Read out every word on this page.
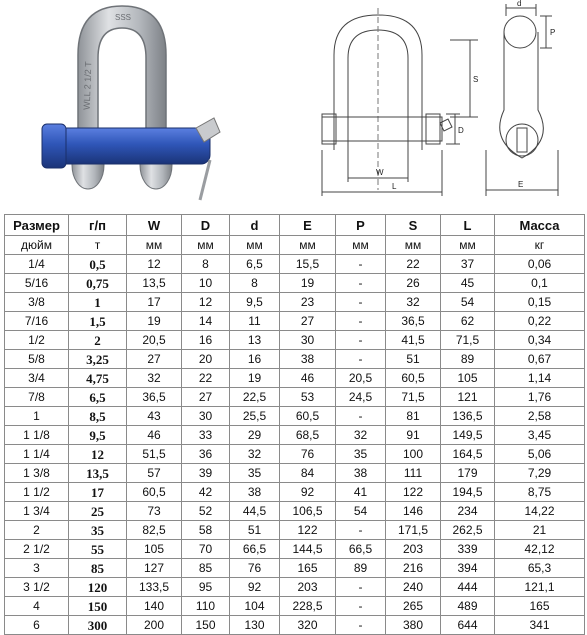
WLL 2 1/2 T
SSS
d
P
S
D
W
L	E
Размер	г/п	W	D	d	E	P	S	L	Масса
дюйм	т	мм	мм	мм	мм	мм	мм	мм	кг
1/4	0,5	12	8	6,5	15,5	-	22	37	0,06
5/16	0,75	13,5	10	8	19	-	26	45	0,1
3/8	1	17	12	9,5	23	-	32	54	0,15
7/16	1,5	19	14	11	27	-	36,5	62	0,22
1/2	2	20,5	16	13	30	-	41,5	71,5	0,34
5/8	3,25	27	20	16	38	-	51	89	0,67
3/4	4,75	32	22	19	46	20,5	60,5	105	1,14
7/8	6,5	36,5	27	22,5	53	24,5	71,5	121	1,76
1	8,5	43	30	25,5	60,5	-	81	136,5	2,58
1 1/8	9,5	46	33	29	68,5	32	91	149,5	3,45
1 1/4	12	51,5	36	32	76	35	100	164,5	5,06
1 3/8	13,5	57	39	35	84	38	111	179	7,29
1 1/2	17	60,5	42	38	92	41	122	194,5	8,75
1 3/4	25	73	52	44,5	106,5	54	146	234	14,22
2	35	82,5	58	51	122	-	171,5	262,5	21
2 1/2	55	105	70	66,5	144,5	66,5	203	339	42,12
3	85	127	85	76	165	89	216	394	65,3
3 1/2	120	133,5	95	92	203	-	240	444	121,1
4	150	140	110	104	228,5	-	265	489	165
6	300	200	150	130	320	-	380	644	341
